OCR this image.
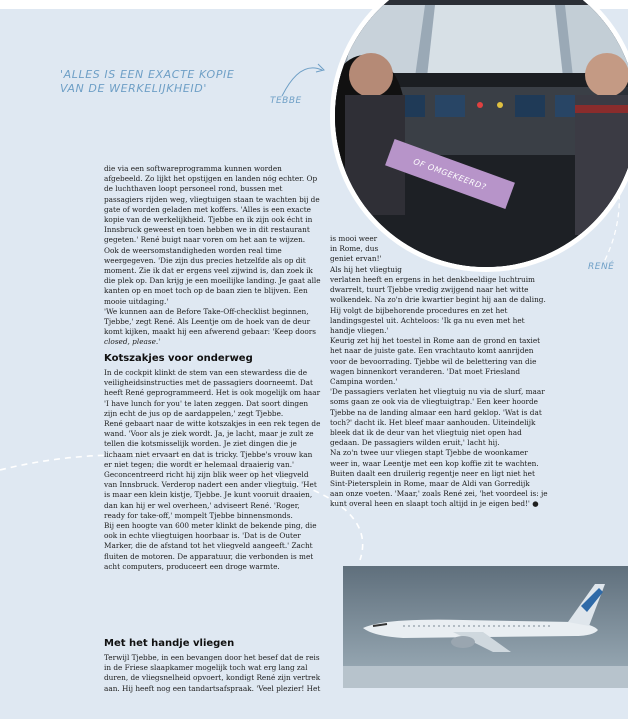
'ALLES IS EEN EXACTE KOPIE
VAN DE WERKELIJKHEID'
TEBBE
RENÉ
OF OMGEKEERD?
die via een softwareprogramma kunnen worden
afgebeeld. Zo lijkt het opstijgen en landen nóg echter. Op
de luchthaven loopt personeel rond, bussen met
passagiers rijden weg, vliegtuigen staan te wachten bij de
gate of worden geladen met koffers. 'Alles is een exacte
kopie van de werkelijkheid. Tjebbe en ik zijn ook écht in
Innsbruck geweest en toen hebben we in dit restaurant
gegeten.' René buigt naar voren om het aan te wijzen.
Ook de weersomstandigheden worden real time
weergegeven. 'Die zijn dus precies hetzelfde als op dit
moment. Zie ik dat er ergens veel zijwind is, dan zoek ik
die plek op. Dan krijg je een moeilijke landing. Je gaat alle
kanten op en moet toch op de baan zien te blijven. Een
mooie uitdaging.'
'We kunnen aan de Before Take-Off-checklist beginnen,
Tjebbe,' zegt René. Als Leentje om de hoek van de deur
komt kijken, maakt hij een afwerend gebaar: 'Keep doors
closed, please.'
Kotszakjes voor onderweg
In de cockpit klinkt de stem van een stewardess die de
veiligheidsinstructies met de passagiers doorneemt. Dat
heeft René geprogrammeerd. Het is ook mogelijk om haar
'I have lunch for you' te laten zeggen. Dat soort dingen
zijn echt de jus op de aardappelen,' zegt Tjebbe.
René gebaart naar de witte kotszakjes in een rek tegen de
wand. 'Voor als je ziek wordt. Ja, je lacht, maar je zult ze
tellen die kotsmisselijk worden. Je ziet dingen die je
lichaam niet ervaart en dat is tricky. Tjebbe's vrouw kan
er niet tegen; die wordt er helemaal draaierig van.'
Geconcentreerd richt hij zijn blik weer op het vliegveld
van Innsbruck. Verderop nadert een ander vliegtuig. 'Het
is maar een klein kistje, Tjebbe. Je kunt vooruit draaien,
dan kan hij er wel overheen,' adviseert René. 'Roger,
ready for take-off,' mompelt Tjebbe binnensmonds.
Bij een hoogte van 600 meter klinkt de bekende ping, die
ook in echte vliegtuigen hoorbaar is. 'Dat is de Outer
Marker, die de afstand tot het vliegveld aangeeft.' Zacht
fluiten de motoren. De apparatuur, die verbonden is met
acht computers, produceert een droge warmte.
Met het handje vliegen
Terwijl Tjebbe, in een bevangen door het besef dat de reis
in de Friese slaapkamer mogelijk toch wat erg lang zal
duren, de vliegsnelheid opvoert, kondigt René zijn vertrek
aan. Hij heeft nog een tandartsafspraak. 'Veel plezier! Het
is mooi weer
in Rome, dus
geniet ervan!'
Als hij het vliegtuig
verlaten heeft en ergens in het denkbeeldige luchtruim
dwarrelt, tuurt Tjebbe vredig zwijgend naar het witte
wolkendek. Na zo'n drie kwartier begint hij aan de daling.
Hij volgt de bijbehorende procedures en zet het
landingsgestel uit. Achteloos: 'Ik ga nu even met het
handje vliegen.'
Keurig zet hij het toestel in Rome aan de grond en taxiet
het naar de juiste gate. Een vrachtauto komt aanrijden
voor de bevoorrading. Tjebbe wil de belettering van die
wagen binnenkort veranderen. 'Dat moet Friesland
Campina worden.'
'De passagiers verlaten het vliegtuig nu via de slurf, maar
soms gaan ze ook via de vliegtuigtrap.' Een keer hoorde
Tjebbe na de landing almaar een hard geklop. 'Wat is dat
toch?' dacht ik. Het bleef maar aanhouden. Uiteindelijk
bleek dat ik de deur van het vliegtuig niet open had
gedaan. De passagiers wilden eruit,' lacht hij.
Na zo'n twee uur vliegen stapt Tjebbe de woonkamer
weer in, waar Leentje met een kop koffie zit te wachten.
Buiten daalt een druilerig regentje neer en ligt niet het
Sint-Pietersplein in Rome, maar de Aldi van Gorredijk
aan onze voeten. 'Maar,' zoals René zei, 'het voordeel is: je
kunt overal heen en slaapt toch altijd in je eigen bed!' ●
